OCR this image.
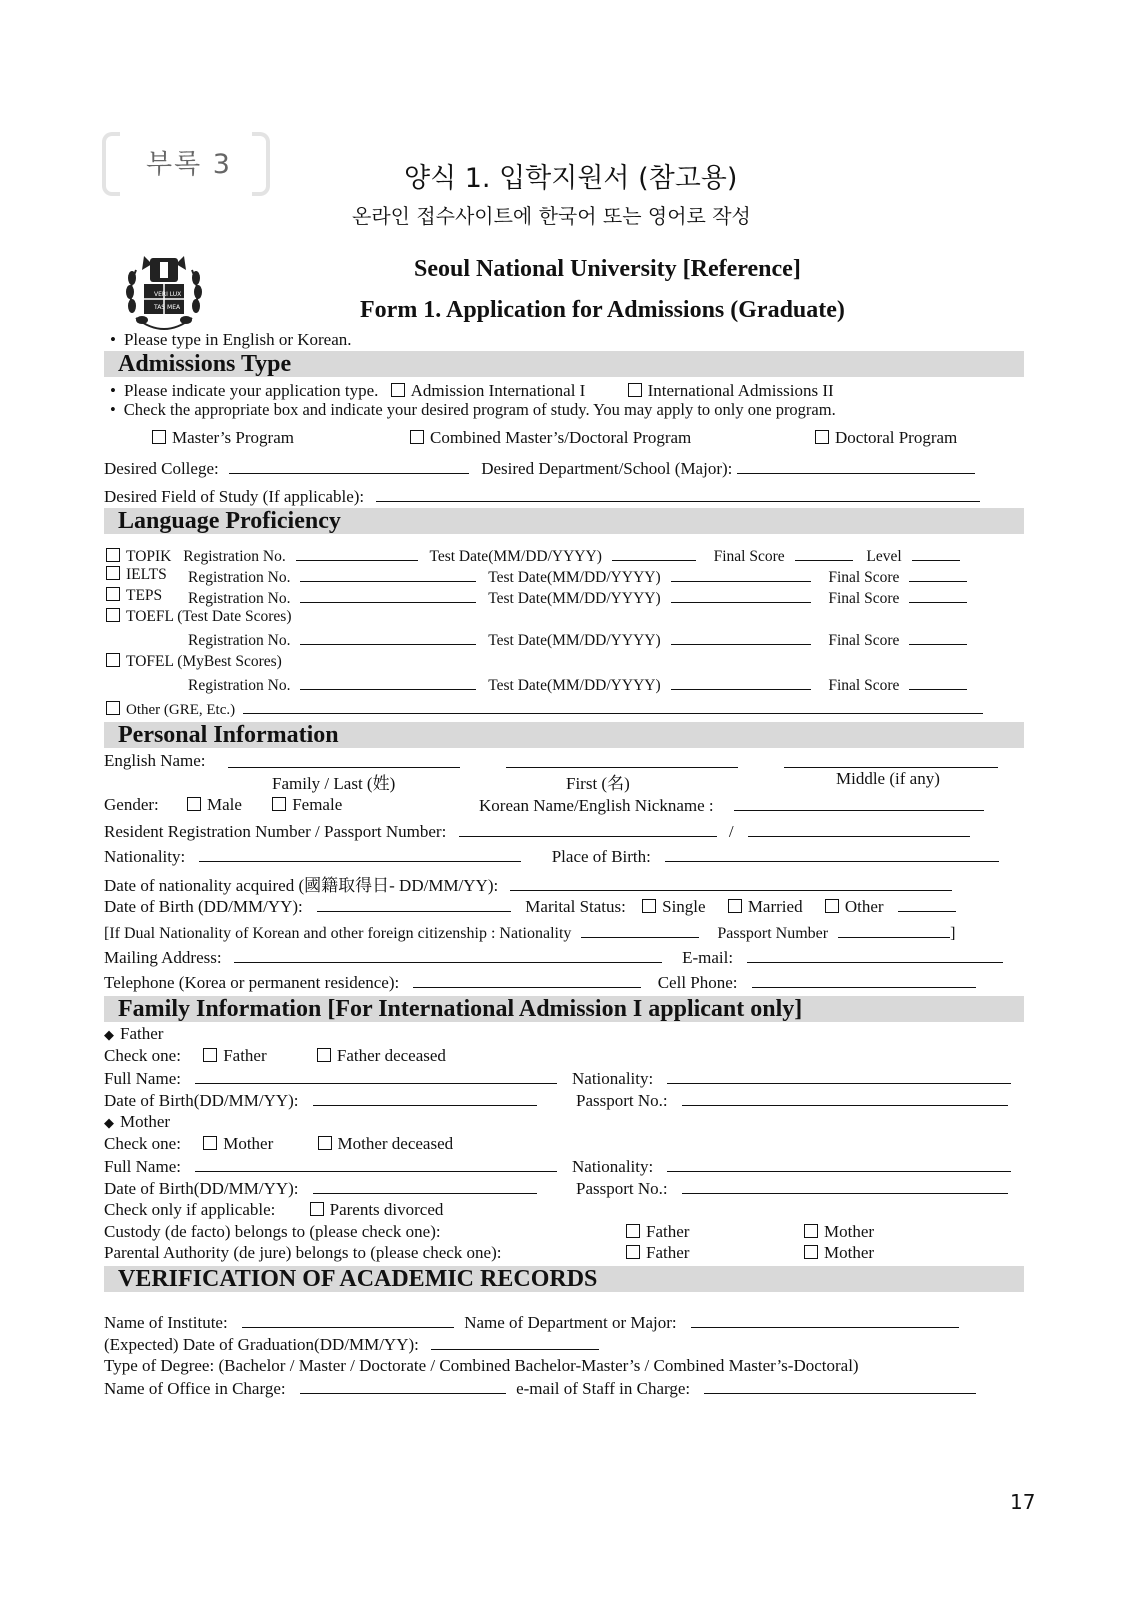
부록 3	양식 1. 입학지원서 (참고용)
온라인 접수사이트에 한국어 또는 영어로 작성
VERI LUX
TAS MEA
Seoul National University [Reference]
Form 1. Application for Admissions (Graduate)
• Please type in English or Korean.
Admissions Type
• Please indicate your application type. Admission International I	International Admissions II
• Check the appropriate box and indicate your desired program of study. You may apply to only one program.
Master’s Program	Combined Master’s/Doctoral Program	Doctoral Program
Desired College:	Desired Department/School (Major):
Desired Field of Study (If applicable):
Language Proficiency
TOPIK Registration No.	Test Date(MM/DD/YYYY)	Final Score	Level
IELTS Registration No.	Test Date(MM/DD/YYYY)	Final Score
TEPS Registration No.	Test Date(MM/DD/YYYY)	Final Score
TOEFL (Test Date Scores)
Registration No.	Test Date(MM/DD/YYYY)	Final Score
TOFEL (MyBest Scores)
Registration No.	Test Date(MM/DD/YYYY)	Final Score
Other (GRE, Etc.)
Personal Information
English Name:
Family / Last (姓)	First (名)	Middle (if any)
Gender:	Male	Female	Korean Name/English Nickname :
Resident Registration Number / Passport Number:	/
Nationality:	Place of Birth:
Date of nationality acquired (國籍取得日- DD/MM/YY):
Date of Birth (DD/MM/YY):	Marital Status: Single Married Other
[If Dual Nationality of Korean and other foreign citizenship : Nationality	Passport Number	]
Mailing Address:	E-mail:
Telephone (Korea or permanent residence):	Cell Phone:
Family Information [For International Admission I applicant only]
◆ Father
Check one: Father	Father deceased
Full Name:	Nationality:
Date of Birth(DD/MM/YY):	Passport No.:
◆ Mother
Check one: Mother	Mother deceased
Full Name:	Nationality:
Date of Birth(DD/MM/YY):	Passport No.:
Check only if applicable:	Parents divorced
Custody (de facto) belongs to (please check one):	Father	Mother
Parental Authority (de jure) belongs to (please check one):	Father	Mother
VERIFICATION OF ACADEMIC RECORDS
Name of Institute:	Name of Department or Major:
(Expected) Date of Graduation(DD/MM/YY):
Type of Degree: (Bachelor / Master / Doctorate / Combined Bachelor-Master’s / Combined Master’s-Doctoral)
Name of Office in Charge:	e-mail of Staff in Charge:
17
